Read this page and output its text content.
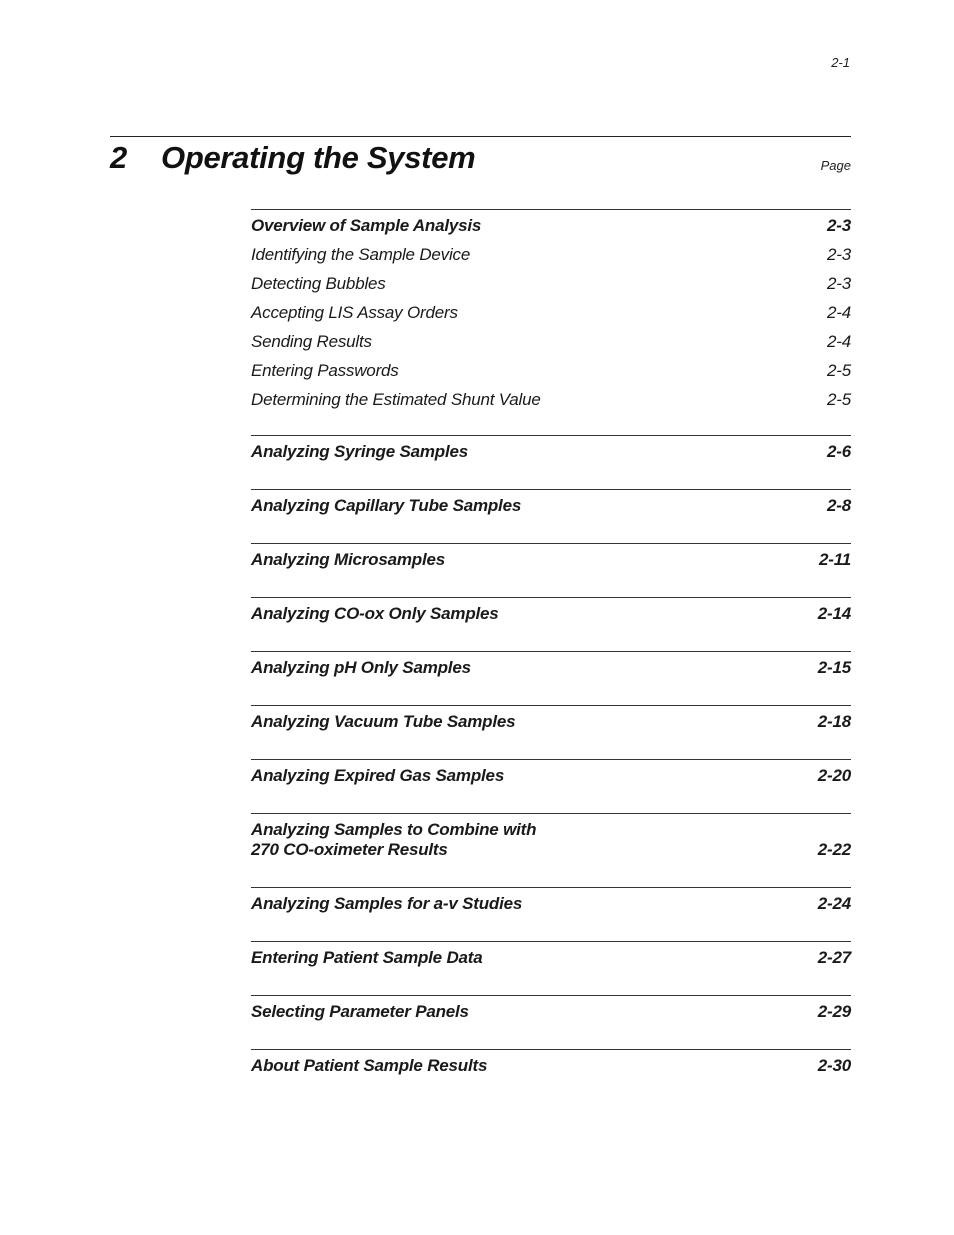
2-1
2 Operating the System	Page
Overview of Sample Analysis	2-3
Identifying the Sample Device	2-3
Detecting Bubbles	2-3
Accepting LIS Assay Orders	2-4
Sending Results	2-4
Entering Passwords	2-5
Determining the Estimated Shunt Value	2-5
Analyzing Syringe Samples	2-6
Analyzing Capillary Tube Samples	2-8
Analyzing Microsamples	2-11
Analyzing CO-ox Only Samples	2-14
Analyzing pH Only Samples	2-15
Analyzing Vacuum Tube Samples	2-18
Analyzing Expired Gas Samples	2-20
Analyzing Samples to Combine with
270 CO-oximeter Results	2-22
Analyzing Samples for a-v Studies	2-24
Entering Patient Sample Data	2-27
Selecting Parameter Panels	2-29
About Patient Sample Results	2-30
